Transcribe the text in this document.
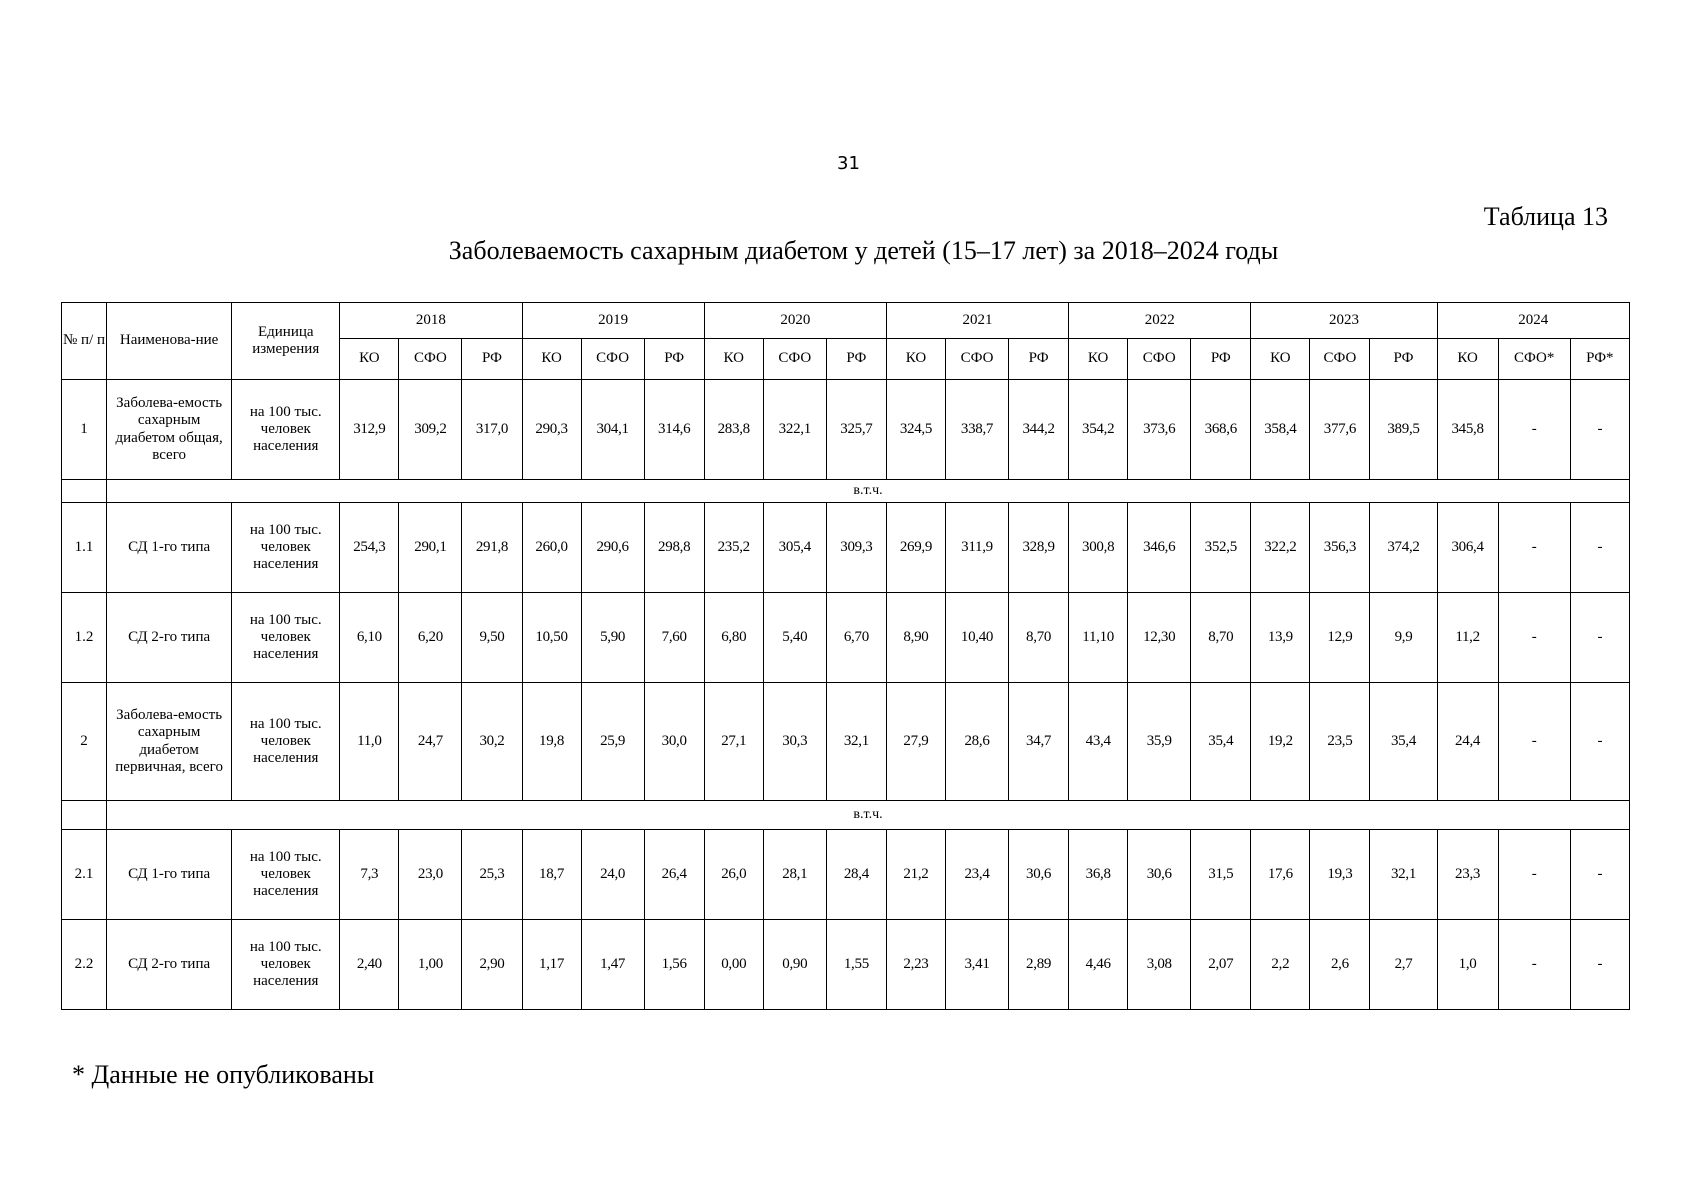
31
Таблица 13
Заболеваемость сахарным диабетом у детей (15–17 лет) за 2018–2024 годы
№ п/ п	Наименова-ние	Единица измерения	2018			2019			2020			2021			2022			2023			2024		
			КО	СФО	РФ	КО	СФО	РФ	КО	СФО	РФ	КО	СФО	РФ	КО	СФО	РФ	КО	СФО	РФ	КО	СФО*	РФ*
1	Заболева-емость сахарным диабетом общая, всего	на 100 тыс. человек населения	312,9	309,2	317,0	290,3	304,1	314,6	283,8	322,1	325,7	324,5	338,7	344,2	354,2	373,6	368,6	358,4	377,6	389,5	345,8	-	-
	в.т.ч.																						
1.1	СД 1-го типа	на 100 тыс. человек населения	254,3	290,1	291,8	260,0	290,6	298,8	235,2	305,4	309,3	269,9	311,9	328,9	300,8	346,6	352,5	322,2	356,3	374,2	306,4	-	-
1.2	СД 2-го типа	на 100 тыс. человек населения	6,10	6,20	9,50	10,50	5,90	7,60	6,80	5,40	6,70	8,90	10,40	8,70	11,10	12,30	8,70	13,9	12,9	9,9	11,2	-	-
2	Заболева-емость сахарным диабетом первичная, всего	на 100 тыс. человек населения	11,0	24,7	30,2	19,8	25,9	30,0	27,1	30,3	32,1	27,9	28,6	34,7	43,4	35,9	35,4	19,2	23,5	35,4	24,4	-	-
	в.т.ч.																						
2.1	СД 1-го типа	на 100 тыс. человек населения	7,3	23,0	25,3	18,7	24,0	26,4	26,0	28,1	28,4	21,2	23,4	30,6	36,8	30,6	31,5	17,6	19,3	32,1	23,3	-	-
2.2	СД 2-го типа	на 100 тыс. человек населения	2,40	1,00	2,90	1,17	1,47	1,56	0,00	0,90	1,55	2,23	3,41	2,89	4,46	3,08	2,07	2,2	2,6	2,7	1,0	-	-
* Данные не опубликованы
